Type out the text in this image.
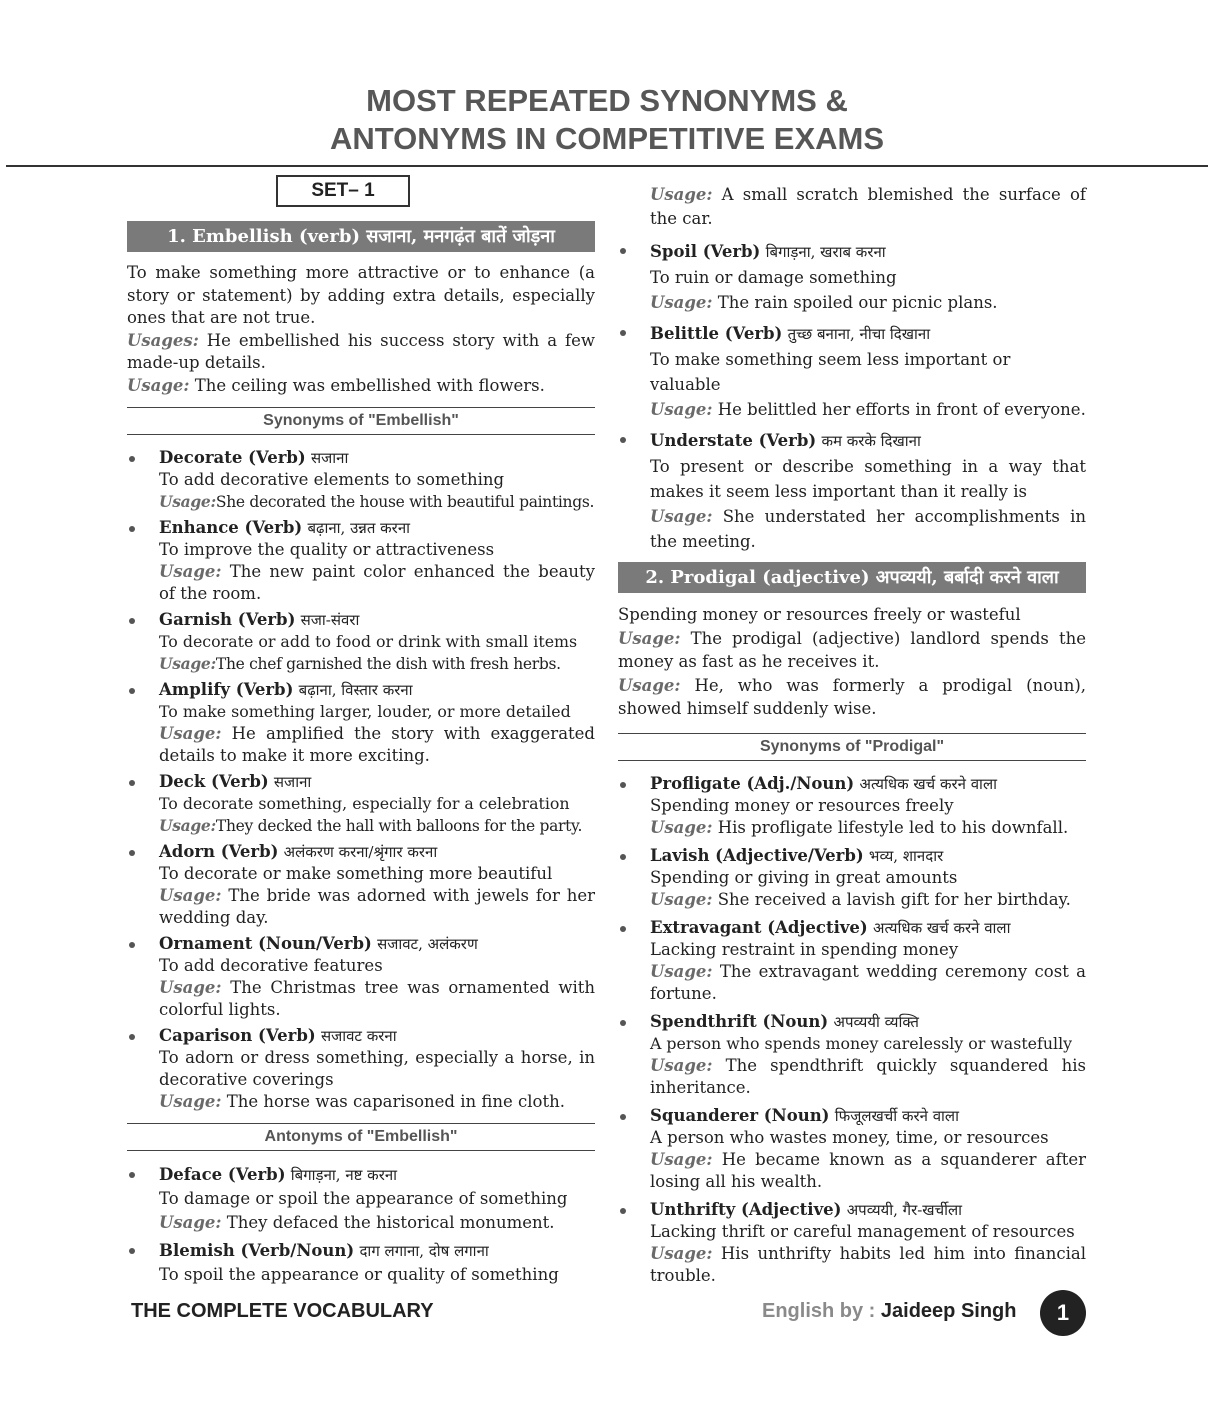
MOST REPEATED SYNONYMS &
ANTONYMS IN COMPETITIVE EXAMS
SET– 1
1. Embellish (verb) सजाना, मनगढ़ंत बातें जोड़ना
To make something more attractive or to enhance (a story or statement) by adding extra details, especially ones that are not true.
Usages: He embellished his success story with a few made-up details.
Usage: The ceiling was embellished with flowers.
Synonyms of "Embellish"
Decorate (Verb) सजाना
To add decorative elements to something
Usage:She decorated the house with beautiful paintings.
Enhance (Verb) बढ़ाना, उन्नत करना
To improve the quality or attractiveness
Usage: The new paint color enhanced the beauty of the room.
Garnish (Verb) सजा-संवरा
To decorate or add to food or drink with small items
Usage:The chef garnished the dish with fresh herbs.
Amplify (Verb) बढ़ाना, विस्तार करना
To make something larger, louder, or more detailed
Usage: He amplified the story with exaggerated details to make it more exciting.
Deck (Verb) सजाना
To decorate something, especially for a celebration
Usage:They decked the hall with balloons for the party.
Adorn (Verb) अलंकरण करना/श्रृंगार करना
To decorate or make something more beautiful
Usage: The bride was adorned with jewels for her wedding day.
Ornament (Noun/Verb) सजावट, अलंकरण
To add decorative features
Usage: The Christmas tree was ornamented with colorful lights.
Caparison (Verb) सजावट करना
To adorn or dress something, especially a horse, in decorative coverings
Usage: The horse was caparisoned in fine cloth.
Antonyms of "Embellish"
Deface (Verb) बिगाड़ना, नष्ट करना
To damage or spoil the appearance of something
Usage: They defaced the historical monument.
Blemish (Verb/Noun) दाग लगाना, दोष लगाना
To spoil the appearance or quality of something
Usage: A small scratch blemished the surface of the car.
Spoil (Verb) बिगाड़ना, खराब करना
To ruin or damage something
Usage: The rain spoiled our picnic plans.
Belittle (Verb) तुच्छ बनाना, नीचा दिखाना
To make something seem less important or valuable
Usage: He belittled her efforts in front of everyone.
Understate (Verb) कम करके दिखाना
To present or describe something in a way that makes it seem less important than it really is
Usage: She understated her accomplishments in the meeting.
2. Prodigal (adjective) अपव्ययी, बर्बादी करने वाला
Spending money or resources freely or wasteful
Usage: The prodigal (adjective) landlord spends the money as fast as he receives it.
Usage: He, who was formerly a prodigal (noun), showed himself suddenly wise.
Synonyms of "Prodigal"
Profligate (Adj./Noun) अत्यधिक खर्च करने वाला
Spending money or resources freely
Usage: His profligate lifestyle led to his downfall.
Lavish (Adjective/Verb) भव्य, शानदार
Spending or giving in great amounts
Usage: She received a lavish gift for her birthday.
Extravagant (Adjective) अत्यधिक खर्च करने वाला
Lacking restraint in spending money
Usage: The extravagant wedding ceremony cost a fortune.
Spendthrift (Noun) अपव्ययी व्यक्ति
A person who spends money carelessly or wastefully
Usage: The spendthrift quickly squandered his inheritance.
Squanderer (Noun) फिजूलखर्ची करने वाला
A person who wastes money, time, or resources
Usage: He became known as a squanderer after losing all his wealth.
Unthrifty (Adjective) अपव्ययी, गैर-खर्चीला
Lacking thrift or careful management of resources
Usage: His unthrifty habits led him into financial trouble.
THE COMPLETE VOCABULARY	English by : Jaideep Singh	1
